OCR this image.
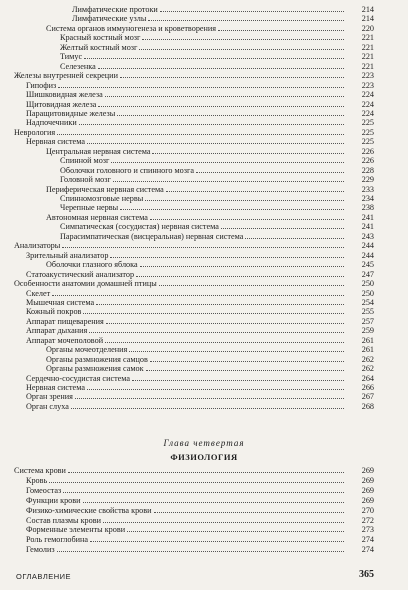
Лимфатические протоки	214
Лимфатические узлы	214
Система органов иммуногенеза и кроветворения	220
Красный костный мозг	221
Желтый костный мозг	221
Тимус	221
Селезенка	221
Железы внутренней секреции	223
Гипофиз	223
Шишковидная железа	224
Щитовидная железа	224
Паращитовидные железы	224
Надпочечники	225
Неврология	225
Нервная система	225
Центральная нервная система	226
Спинной мозг	226
Оболочки головного и спинного мозга	228
Головной мозг	229
Периферическая нервная система	233
Спинномозговые нервы	234
Черепные нервы	238
Автономная нервная система	241
Симпатическая (сосудистая) нервная система	241
Парасимпатическая (висцеральная) нервная система	243
Анализаторы	244
Зрительный анализатор	244
Оболочки глазного яблока	245
Статоакустический анализатор	247
Особенности анатомии домашней птицы	250
Скелет	250
Мышечная система	254
Кожный покров	255
Аппарат пищеварения	257
Аппарат дыхания	259
Аппарат мочеполовой	261
Органы мочеотделения	261
Органы размножения самцов	262
Органы размножения самок	262
Сердечно-сосудистая система	264
Нервная система	266
Орган зрения	267
Орган слуха	268
Глава четвертая
ФИЗИОЛОГИЯ
Система крови	269
Кровь	269
Гомеостаз	269
Функции крови	269
Физико-химические свойства крови	270
Состав плазмы крови	272
Форменные элементы крови	273
Роль гемоглобина	274
Гемолиз	274
ОГЛАВЛЕНИЕ	365
